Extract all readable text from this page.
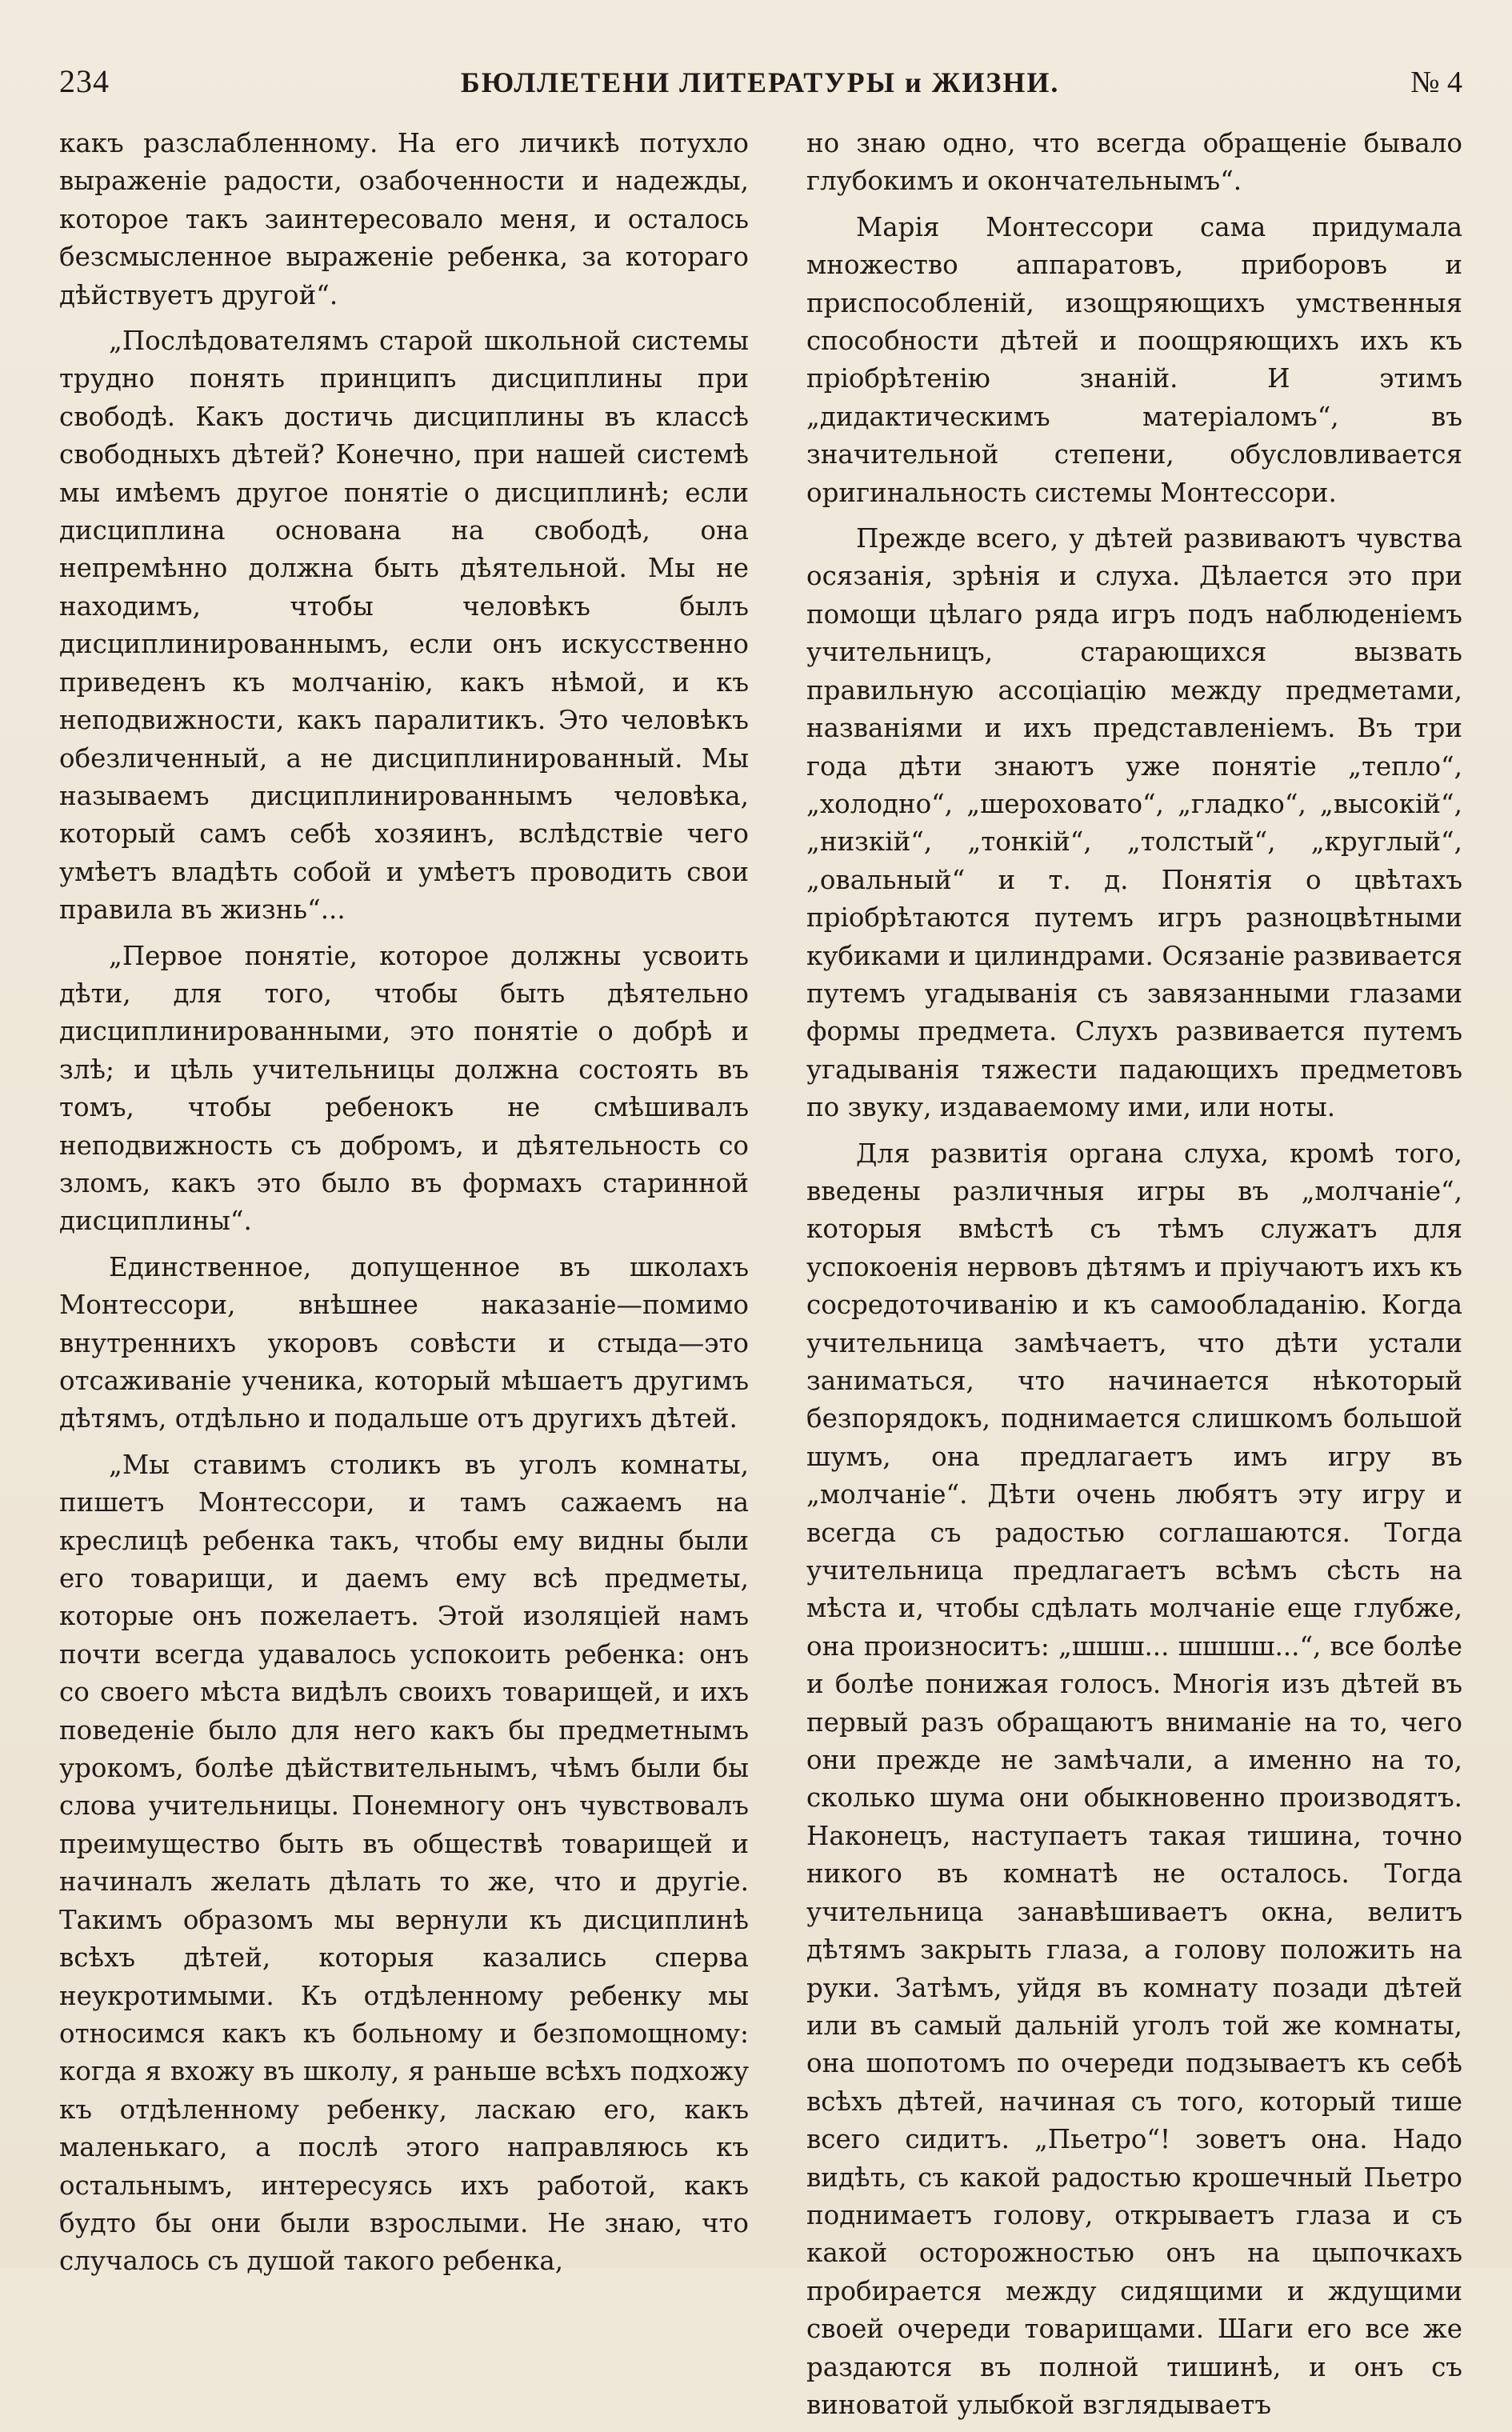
234	БЮЛЛЕТЕНИ ЛИТЕРАТУРЫ и ЖИЗНИ.	№ 4

какъ разслабленному. На его личикѣ потухло выраженіе радости, озабоченности и надежды, которое такъ заинтересовало меня, и осталось безсмысленное выраженіе ребенка, за котораго дѣйствуетъ другой“.

„Послѣдователямъ старой школьной системы трудно понять принципъ дисциплины при свободѣ. Какъ достичь дисциплины въ классѣ свободныхъ дѣтей? Конечно, при нашей системѣ мы имѣемъ другое понятіе о дисциплинѣ; если дисциплина основана на свободѣ, она непремѣнно должна быть дѣятельной. Мы не находимъ, чтобы человѣкъ былъ дисциплинированнымъ, если онъ искусственно приведенъ къ молчанію, какъ нѣмой, и къ неподвижности, какъ паралитикъ. Это человѣкъ обезличенный, а не дисциплинированный. Мы называемъ дисциплинированнымъ человѣка, который самъ себѣ хозяинъ, вслѣдствіе чего умѣетъ владѣть собой и умѣетъ проводить свои правила въ жизнь“...

„Первое понятіе, которое должны усвоить дѣти, для того, чтобы быть дѣятельно дисциплинированными, это понятіе о добрѣ и злѣ; и цѣль учительницы должна состоять въ томъ, чтобы ребенокъ не смѣшивалъ неподвижность съ добромъ, и дѣятельность со зломъ, какъ это было въ формахъ старинной дисциплины“.

Единственное, допущенное въ школахъ Монтессори, внѣшнее наказаніе—помимо внутреннихъ укоровъ совѣсти и стыда—это отсаживаніе ученика, который мѣшаетъ другимъ дѣтямъ, отдѣльно и подальше отъ другихъ дѣтей.

„Мы ставимъ столикъ въ уголъ комнаты, пишетъ Монтессори, и тамъ сажаемъ на креслицѣ ребенка такъ, чтобы ему видны были его товарищи, и даемъ ему всѣ предметы, которые онъ пожелаетъ. Этой изоляціей намъ почти всегда удавалось успокоить ребенка: онъ со своего мѣста видѣлъ своихъ товарищей, и ихъ поведеніе было для него какъ бы предметнымъ урокомъ, болѣе дѣйствительнымъ, чѣмъ были бы слова учительницы. Понемногу онъ чувствовалъ преимущество быть въ обществѣ товарищей и начиналъ желать дѣлать то же, что и другіе. Такимъ образомъ мы вернули къ дисциплинѣ всѣхъ дѣтей, которыя казались сперва неукротимыми. Къ отдѣленному ребенку мы относимся какъ къ больному и безпомощному: когда я вхожу въ школу, я раньше всѣхъ подхожу къ отдѣленному ребенку, ласкаю его, какъ маленькаго, а послѣ этого направляюсь къ остальнымъ, интересуясь ихъ работой, какъ будто бы они были взрослыми. Не знаю, что случалось съ душой такого ребенка,

но знаю одно, что всегда обращеніе бывало глубокимъ и окончательнымъ“.

Марія Монтессори сама придумала множество аппаратовъ, приборовъ и приспособленій, изощряющихъ умственныя способности дѣтей и поощряющихъ ихъ къ пріобрѣтенію знаній. И этимъ „дидактическимъ матеріаломъ“, въ значительной степени, обусловливается оригинальность системы Монтессори.

Прежде всего, у дѣтей развиваютъ чувства осязанія, зрѣнія и слуха. Дѣлается это при помощи цѣлаго ряда игръ подъ наблюденіемъ учительницъ, старающихся вызвать правильную ассоціацію между предметами, названіями и ихъ представленіемъ. Въ три года дѣти знаютъ уже понятіе „тепло“, „холодно“, „шероховато“, „гладко“, „высокій“, „низкій“, „тонкій“, „толстый“, „круглый“, „овальный“ и т. д. Понятія о цвѣтахъ пріобрѣтаются путемъ игръ разноцвѣтными кубиками и цилиндрами. Осязаніе развивается путемъ угадыванія съ завязанными глазами формы предмета. Слухъ развивается путемъ угадыванія тяжести падающихъ предметовъ по звуку, издаваемому ими, или ноты.

Для развитія органа слуха, кромѣ того, введены различныя игры въ „молчаніе“, которыя вмѣстѣ съ тѣмъ служатъ для успокоенія нервовъ дѣтямъ и пріучаютъ ихъ къ сосредоточиванію и къ самообладанію. Когда учительница замѣчаетъ, что дѣти устали заниматься, что начинается нѣкоторый безпорядокъ, поднимается слишкомъ большой шумъ, она предлагаетъ имъ игру въ „молчаніе“. Дѣти очень любятъ эту игру и всегда съ радостью соглашаются. Тогда учительница предлагаетъ всѣмъ сѣсть на мѣста и, чтобы сдѣлать молчаніе еще глубже, она произноситъ: „шшш... шшшш...“, все болѣе и болѣе понижая голосъ. Многія изъ дѣтей въ первый разъ обращаютъ вниманіе на то, чего они прежде не замѣчали, а именно на то, сколько шума они обыкновенно производятъ. Наконецъ, наступаетъ такая тишина, точно никого въ комнатѣ не осталось. Тогда учительница занавѣшиваетъ окна, велитъ дѣтямъ закрыть глаза, а голову положить на руки. Затѣмъ, уйдя въ комнату позади дѣтей или въ самый дальній уголъ той же комнаты, она шопотомъ по очереди подзываетъ къ себѣ всѣхъ дѣтей, начиная съ того, который тише всего сидитъ. „Пьетро“! зоветъ она. Надо видѣть, съ какой радостью крошечный Пьетро поднимаетъ голову, открываетъ глаза и съ какой осторожностью онъ на цыпочкахъ пробирается между сидящими и ждущими своей очереди товарищами. Шаги его все же раздаются въ полной тишинѣ, и онъ съ виноватой улыбкой взглядываетъ
